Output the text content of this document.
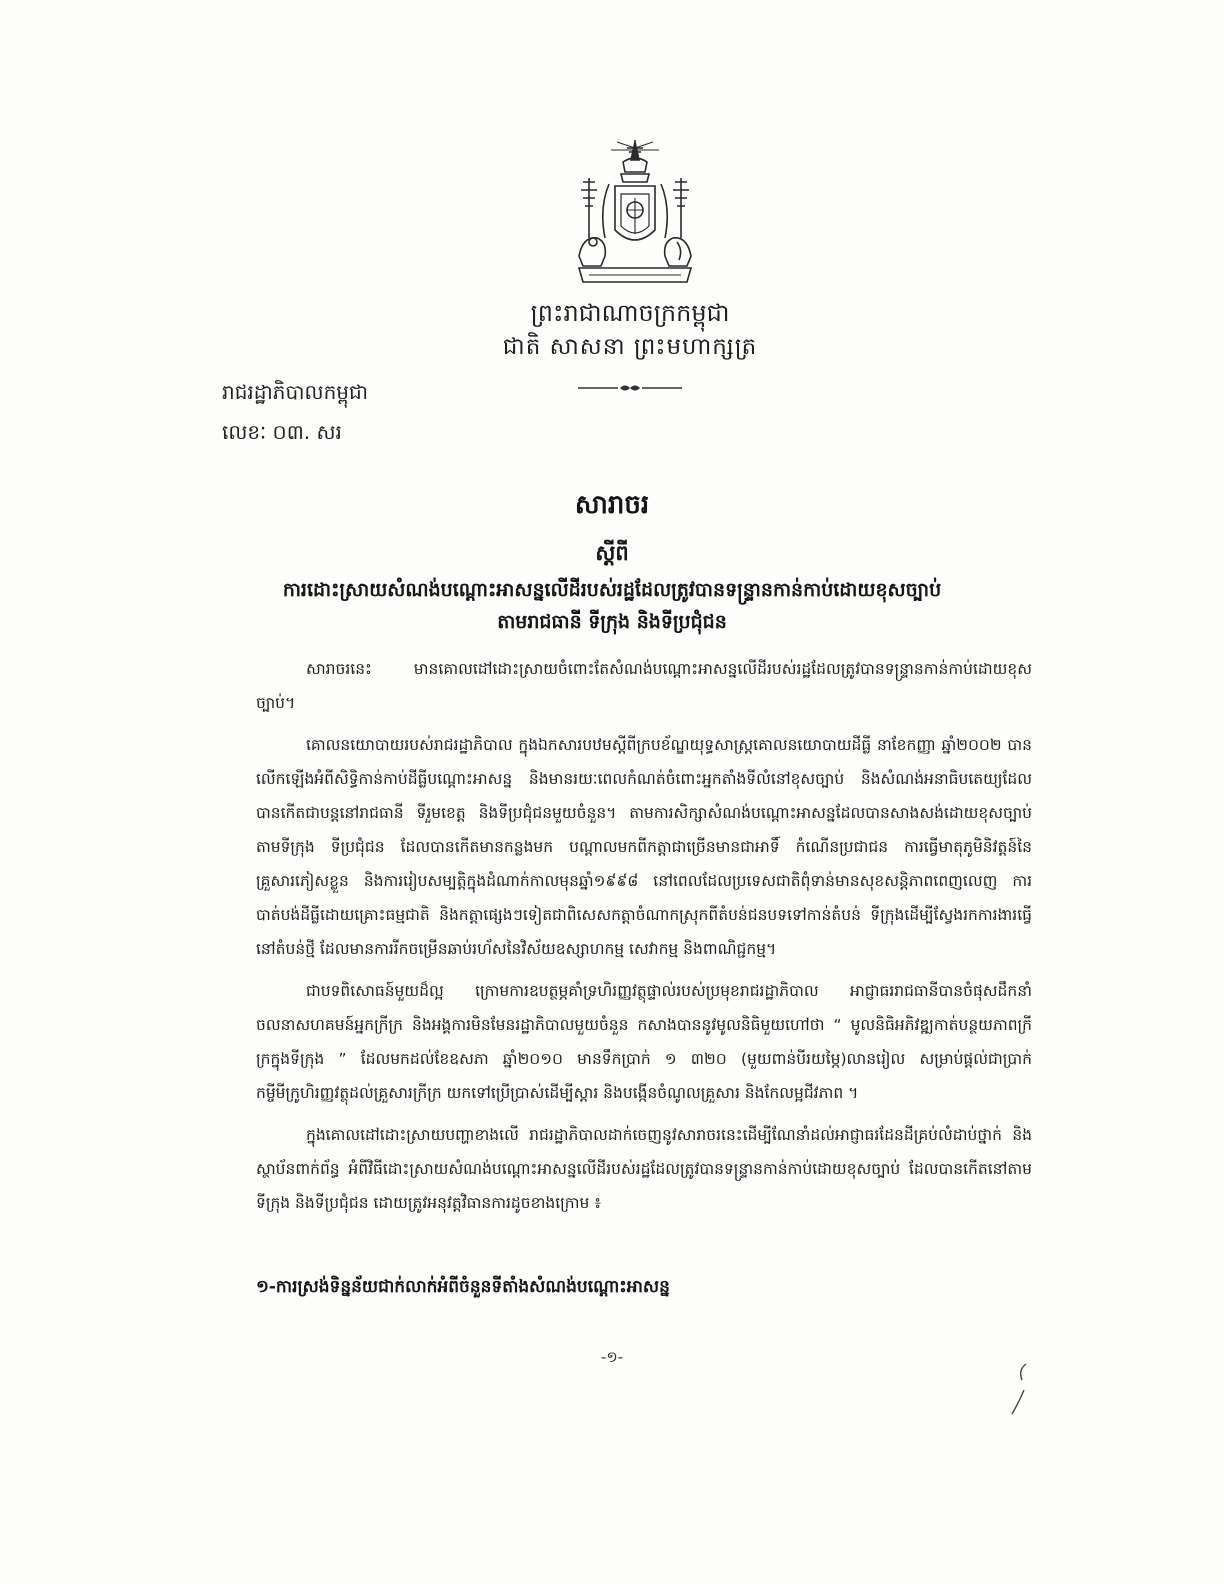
ព្រះរាជាណាចក្រកម្ពុជា
ជាតិ សាសនា ព្រះមហាក្សត្រ
រាជរដ្ឋាភិបាលកម្ពុជា
លេខៈ ០៣. សរ
សារាចរ
ស្តីពី
ការដោះស្រាយសំណង់បណ្តោះអាសន្នលើដីរបស់រដ្ឋដែលត្រូវបានទន្ទ្រានកាន់កាប់ដោយខុសច្បាប់
តាមរាជធានី ទីក្រុង និងទីប្រជុំជន

សារាចរនេះ មានគោលដៅដោះស្រាយចំពោះតែសំណង់បណ្តោះអាសន្នលើដីរបស់រដ្ឋដែលត្រូវបានទន្ទ្រានកាន់កាប់ដោយខុសច្បាប់។

គោលនយោបាយរបស់រាជរដ្ឋាភិបាល ក្នុងឯកសារបឋមស្តីពីក្របខ័ណ្ឌយុទ្ធសាស្ត្រគោលនយោបាយដីធ្លី នាខែកញ្ញា ឆ្នាំ២០០២ បានលើកឡើងអំពីសិទ្ធិកាន់កាប់ដីធ្លីបណ្តោះអាសន្ន និងមានរយៈពេលកំណត់ចំពោះអ្នកតាំងទីលំនៅខុសច្បាប់ និងសំណង់អនាធិបតេយ្យដែលបានកើតជាបន្តនៅរាជធានី ទីរួមខេត្ត និងទីប្រជុំជនមួយចំនួន។ តាមការសិក្សាសំណង់បណ្តោះអាសន្នដែលបានសាងសង់ដោយខុសច្បាប់តាមទីក្រុង ទីប្រជុំជន ដែលបានកើតមានកន្លងមក បណ្តាលមកពីកត្តាជាច្រើនមានជាអាទិ៍ កំណើនប្រជាជន ការធ្វើមាតុភូមិនិវត្តន៍នៃគ្រួសារភៀសខ្លួន និងការរៀបសម្បត្តិក្នុងដំណាក់កាលមុនឆ្នាំ១៩៩៨ នៅពេលដែលប្រទេសជាតិពុំទាន់មានសុខសន្តិភាពពេញលេញ ការបាត់បង់ដីធ្លីដោយគ្រោះធម្មជាតិ និងកត្តាផ្សេងៗទៀតជាពិសេសកត្តាចំណាកស្រុកពីតំបន់ជនបទទៅកាន់តំបន់ ទីក្រុងដើម្បីស្វែងរកការងារធ្វើនៅតំបន់ថ្មី ដែលមានការរីកចម្រើនឆាប់រហ័សនៃវិស័យឧស្សាហកម្ម សេវាកម្ម និងពាណិជ្ជកម្ម។

ជាបទពិសោធន៍មួយដ៏ល្អ ក្រោមការឧបត្ថម្ភគាំទ្រហិរញ្ញវត្ថុផ្ទាល់របស់ប្រមុខរាជរដ្ឋាភិបាល អាជ្ញាធររាជធានីបានចំផុសដឹកនាំចលនាសហគមន៍អ្នកក្រីក្រ និងអង្គការមិនមែនរដ្ឋាភិបាលមួយចំនួន កសាងបាននូវមូលនិធិមួយហៅថា “ មូលនិធិអភិវឌ្ឍកាត់បន្ថយភាពក្រីក្រក្នុងទីក្រុង ” ដែលមកដល់ខែឧសភា ឆ្នាំ២០១០ មានទឹកប្រាក់ ១ ៣២០ (មួយពាន់បីរយម្ភៃ)លានរៀល សម្រាប់ផ្តល់ជាប្រាក់កម្ចីមីក្រូហិរញ្ញវត្ថុដល់គ្រួសារក្រីក្រ យកទៅប្រើប្រាស់ដើម្បីស្តារ និងបង្កើនចំណូលគ្រួសារ និងកែលម្អជីវភាព ។

ក្នុងគោលដៅដោះស្រាយបញ្ហាខាងលើ រាជរដ្ឋាភិបាលដាក់ចេញនូវសារាចរនេះដើម្បីណែនាំដល់អាជ្ញាធរដែនដីគ្រប់លំដាប់ថ្នាក់ និងស្ថាប័នពាក់ព័ន្ធ អំពីវិធីដោះស្រាយសំណង់បណ្តោះអាសន្នលើដីរបស់រដ្ឋដែលត្រូវបានទន្ទ្រានកាន់កាប់ដោយខុសច្បាប់ ដែលបានកើតនៅតាមទីក្រុង និងទីប្រជុំជន ដោយត្រូវអនុវត្តវិធានការដូចខាងក្រោម ៖

១-ការស្រង់ទិន្នន័យជាក់លាក់អំពីចំនួនទីតាំងសំណង់បណ្តោះអាសន្ន
-១-
